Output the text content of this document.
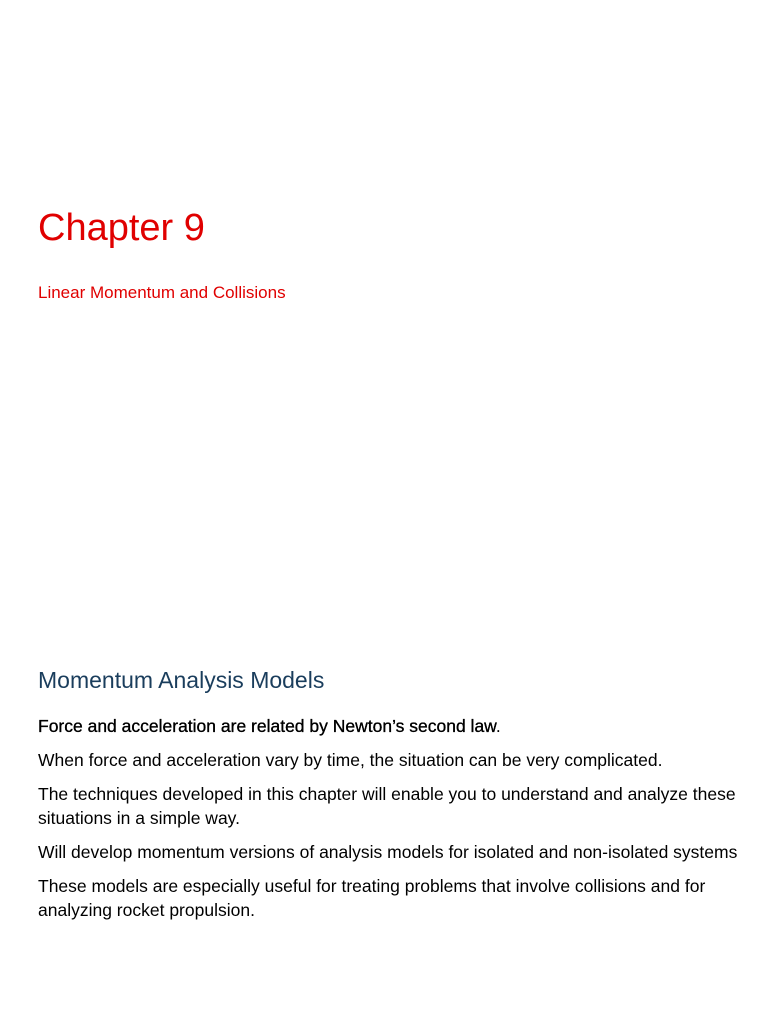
Chapter 9

Linear Momentum and Collisions

Momentum Analysis Models
Force and acceleration are related by Newton’s second law.
When force and acceleration vary by time, the situation can be very complicated.
The techniques developed in this chapter will enable you to understand and analyze these situations in a simple way.
Will develop momentum versions of analysis models for isolated and non-isolated systems
These models are especially useful for treating problems that involve collisions and for analyzing rocket propulsion.
